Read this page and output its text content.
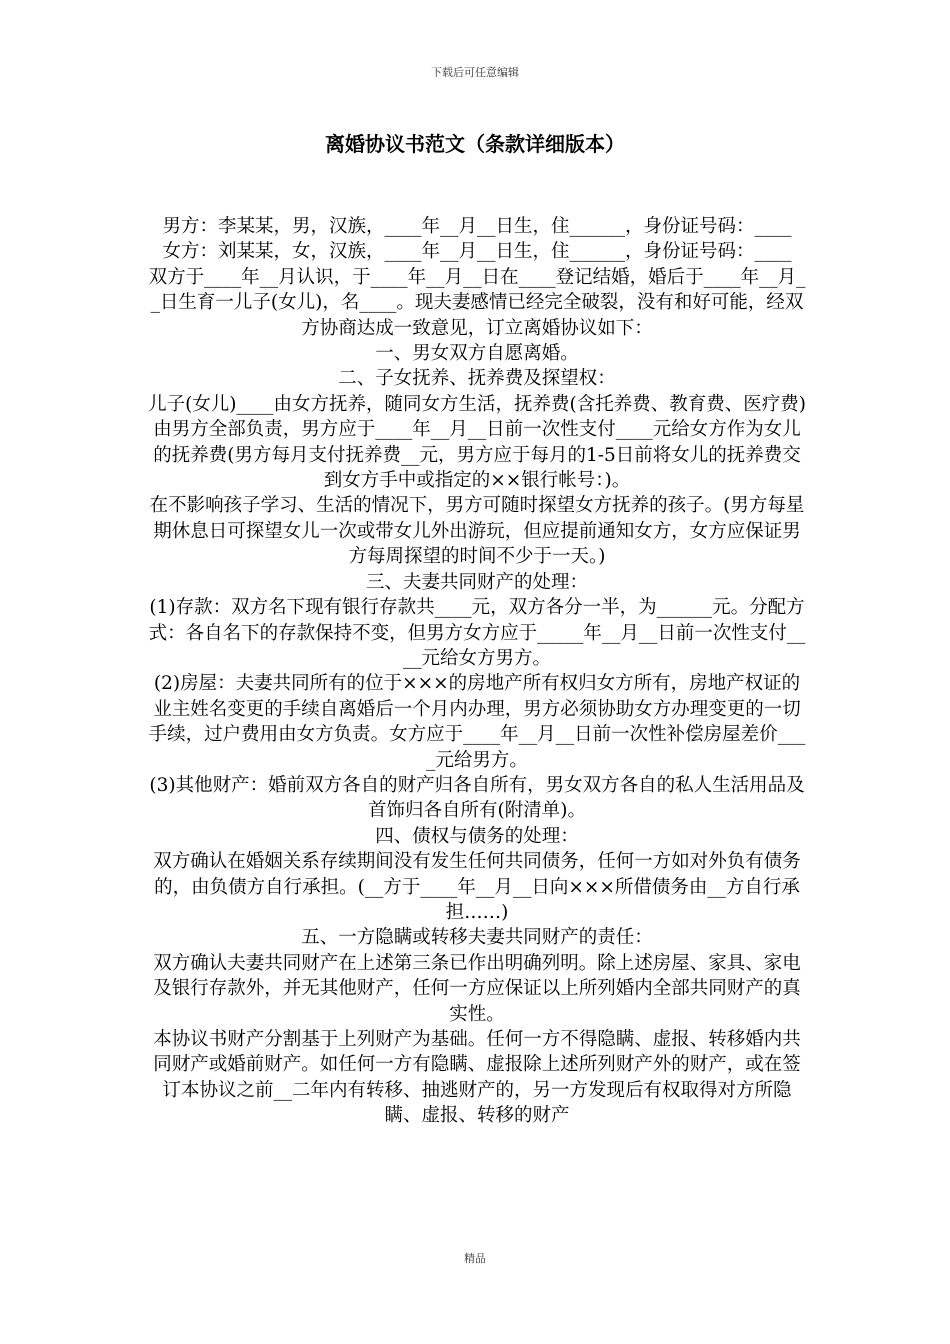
下载后可任意编辑
离婚协议书范文（条款详细版本）

男方：李某某，男，汉族，____年__月__日生，住______，身份证号码：____

女方：刘某某，女，汉族，____年__月__日生，住______，身份证号码：____

双方于____年__月认识，于____年__月__日在____登记结婚，婚后于____年__月__日生育一儿子(女儿)，名____。现夫妻感情已经完全破裂，没有和好可能，经双方协商达成一致意见，订立离婚协议如下：

一、男女双方自愿离婚。

二、子女抚养、抚养费及探望权：

儿子(女儿)____由女方抚养，随同女方生活，抚养费(含托养费、教育费、医疗费)由男方全部负责，男方应于____年__月__日前一次性支付____元给女方作为女儿的抚养费(男方每月支付抚养费__元，男方应于每月的1-5日前将女儿的抚养费交到女方手中或指定的××银行帐号：)。

在不影响孩子学习、生活的情况下，男方可随时探望女方抚养的孩子。(男方每星期休息日可探望女儿一次或带女儿外出游玩，但应提前通知女方，女方应保证男方每周探望的时间不少于一天。)

三、夫妻共同财产的处理：

(1)存款：双方名下现有银行存款共____元，双方各分一半，为______元。分配方式：各自名下的存款保持不变，但男方女方应于_____年__月__日前一次性支付____元给女方男方。

(2)房屋：夫妻共同所有的位于×××的房地产所有权归女方所有，房地产权证的业主姓名变更的手续自离婚后一个月内办理，男方必须协助女方办理变更的一切手续，过户费用由女方负责。女方应于____年__月__日前一次性补偿房屋差价____元给男方。

(3)其他财产：婚前双方各自的财产归各自所有，男女双方各自的私人生活用品及首饰归各自所有(附清单)。

四、债权与债务的处理：

双方确认在婚姻关系存续期间没有发生任何共同债务，任何一方如对外负有债务的，由负债方自行承担。(__方于____年__月__日向×××所借债务由__方自行承担……)

五、一方隐瞒或转移夫妻共同财产的责任：

双方确认夫妻共同财产在上述第三条已作出明确列明。除上述房屋、家具、家电及银行存款外，并无其他财产，任何一方应保证以上所列婚内全部共同财产的真实性。

本协议书财产分割基于上列财产为基础。任何一方不得隐瞒、虚报、转移婚内共同财产或婚前财产。如任何一方有隐瞒、虚报除上述所列财产外的财产，或在签订本协议之前__二年内有转移、抽逃财产的，另一方发现后有权取得对方所隐瞒、虚报、转移的财产

精品
